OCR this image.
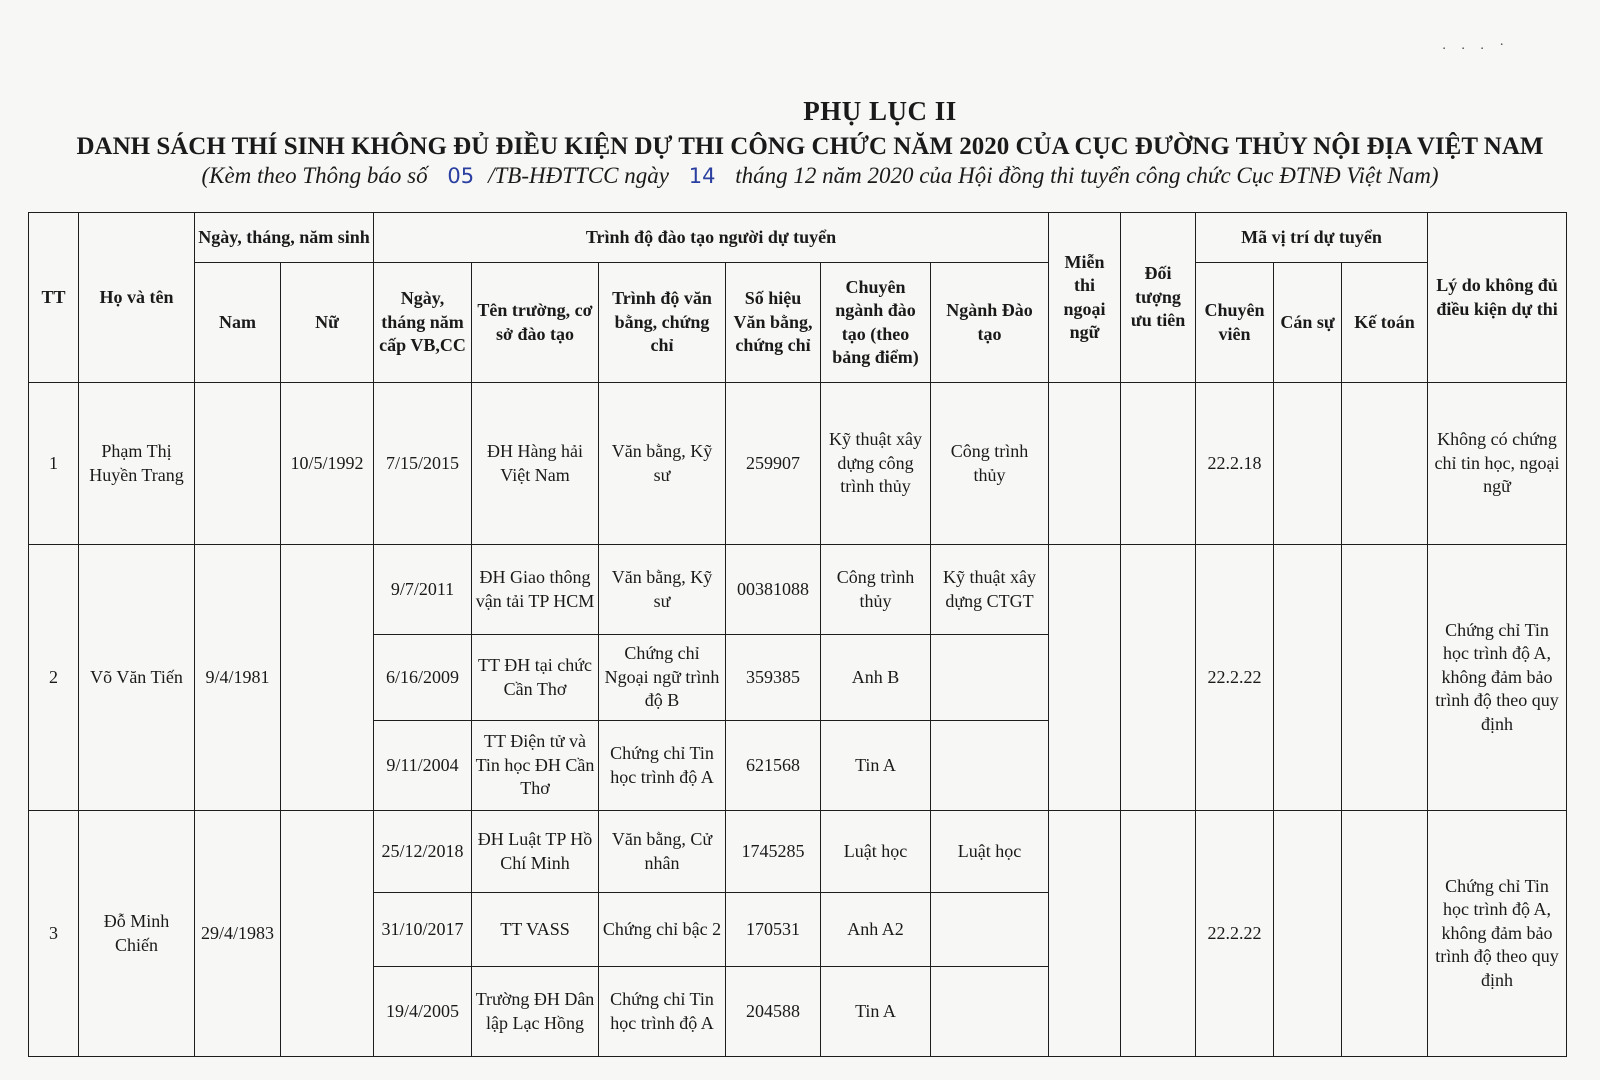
. . . ·
PHỤ LỤC II
DANH SÁCH THÍ SINH KHÔNG ĐỦ ĐIỀU KIỆN DỰ THI CÔNG CHỨC NĂM 2020 CỦA CỤC ĐƯỜNG THỦY NỘI ĐỊA VIỆT NAM
(Kèm theo Thông báo số 05 /TB-HĐTTCC ngày 14 tháng 12 năm 2020 của Hội đồng thi tuyển công chức Cục ĐTNĐ Việt Nam)
TT	Họ và tên	Ngày, tháng, năm sinh		Trình độ đào tạo người dự tuyển						Miễn thi ngoại ngữ	Đối tượng ưu tiên	Mã vị trí dự tuyển			Lý do không đủ điều kiện dự thi
		Nam	Nữ	Ngày, tháng năm cấp VB,CC	Tên trường, cơ sở đào tạo	Trình độ văn bằng, chứng chỉ	Số hiệu Văn bằng, chứng chỉ	Chuyên ngành đào tạo (theo bảng điểm)	Ngành Đào tạo			Chuyên viên	Cán sự	Kế toán	
1	Phạm Thị Huyền Trang		10/5/1992	7/15/2015	ĐH Hàng hải Việt Nam	Văn bằng, Kỹ sư	259907	Kỹ thuật xây dựng công trình thủy	Công trình thủy			22.2.18			Không có chứng chỉ tin học, ngoại ngữ
2	Võ Văn Tiến	9/4/1981		9/7/2011	ĐH Giao thông vận tải TP HCM	Văn bằng, Kỹ sư	00381088	Công trình thủy	Kỹ thuật xây dựng CTGT			22.2.22			Chứng chỉ Tin học trình độ A, không đảm bảo trình độ theo quy định
				6/16/2009	TT ĐH tại chức Cần Thơ	Chứng chỉ Ngoại ngữ trình độ B	359385	Anh B							
				9/11/2004	TT Điện tử và Tin học ĐH Cần Thơ	Chứng chỉ Tin học trình độ A	621568	Tin A							
3	Đỗ Minh Chiến	29/4/1983		25/12/2018	ĐH Luật TP Hồ Chí Minh	Văn bằng, Cử nhân	1745285	Luật học	Luật học			22.2.22			Chứng chỉ Tin học trình độ A, không đảm bảo trình độ theo quy định
				31/10/2017	TT VASS	Chứng chỉ bậc 2	170531	Anh A2							
				19/4/2005	Trường ĐH Dân lập Lạc Hồng	Chứng chỉ Tin học trình độ A	204588	Tin A							
